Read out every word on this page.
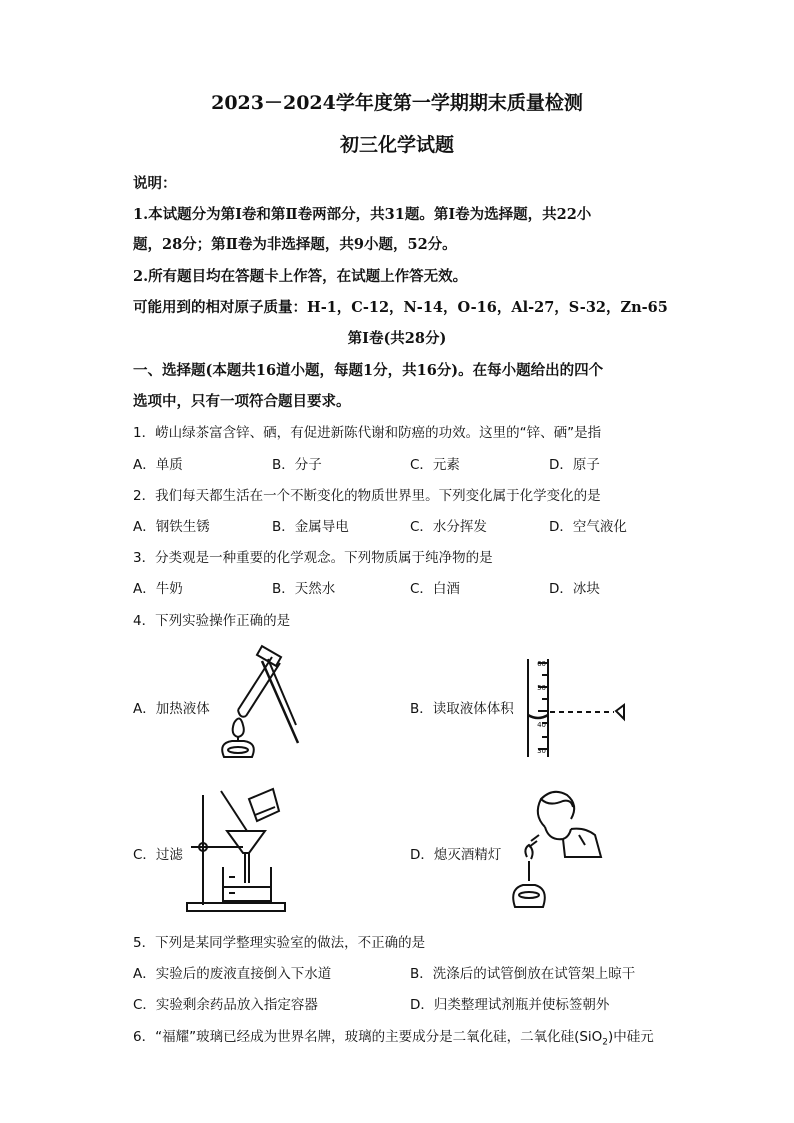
2023－2024学年度第一学期期末质量检测
初三化学试题
说明：
1.本试题分为第Ⅰ卷和第Ⅱ卷两部分，共31题。第Ⅰ卷为选择题，共22小
题，28分；第Ⅱ卷为非选择题，共9小题，52分。
2.所有题目均在答题卡上作答，在试题上作答无效。
可能用到的相对原子质量：H-1，C-12，N-14，O-16，Al-27，S-32，Zn-65
第Ⅰ卷(共28分)
一、选择题(本题共16道小题，每题1分，共16分)。在每小题给出的四个
选项中，只有一项符合题目要求。
1．崂山绿茶富含锌、硒，有促进新陈代谢和防癌的功效。这里的“锌、硒”是指
A．单质	B．分子	C．元素	D．原子
2．我们每天都生活在一个不断变化的物质世界里。下列变化属于化学变化的是
A．钢铁生锈	B．金属导电	C．水分挥发	D．空气液化
3．分类观是一种重要的化学观念。下列物质属于纯净物的是
A．牛奶	B．天然水	C．白酒	D．冰块
4．下列实验操作正确的是
A．加热液体	B．读取液体体积
60
50
40
30
C．过滤	D．熄灭酒精灯
5．下列是某同学整理实验室的做法，不正确的是
A．实验后的废液直接倒入下水道	B．洗涤后的试管倒放在试管架上晾干
C．实验剩余药品放入指定容器	D．归类整理试剂瓶并使标签朝外
6．“福耀”玻璃已经成为世界名牌，玻璃的主要成分是二氧化硅，二氧化硅(SiO$_2$)中硅元
